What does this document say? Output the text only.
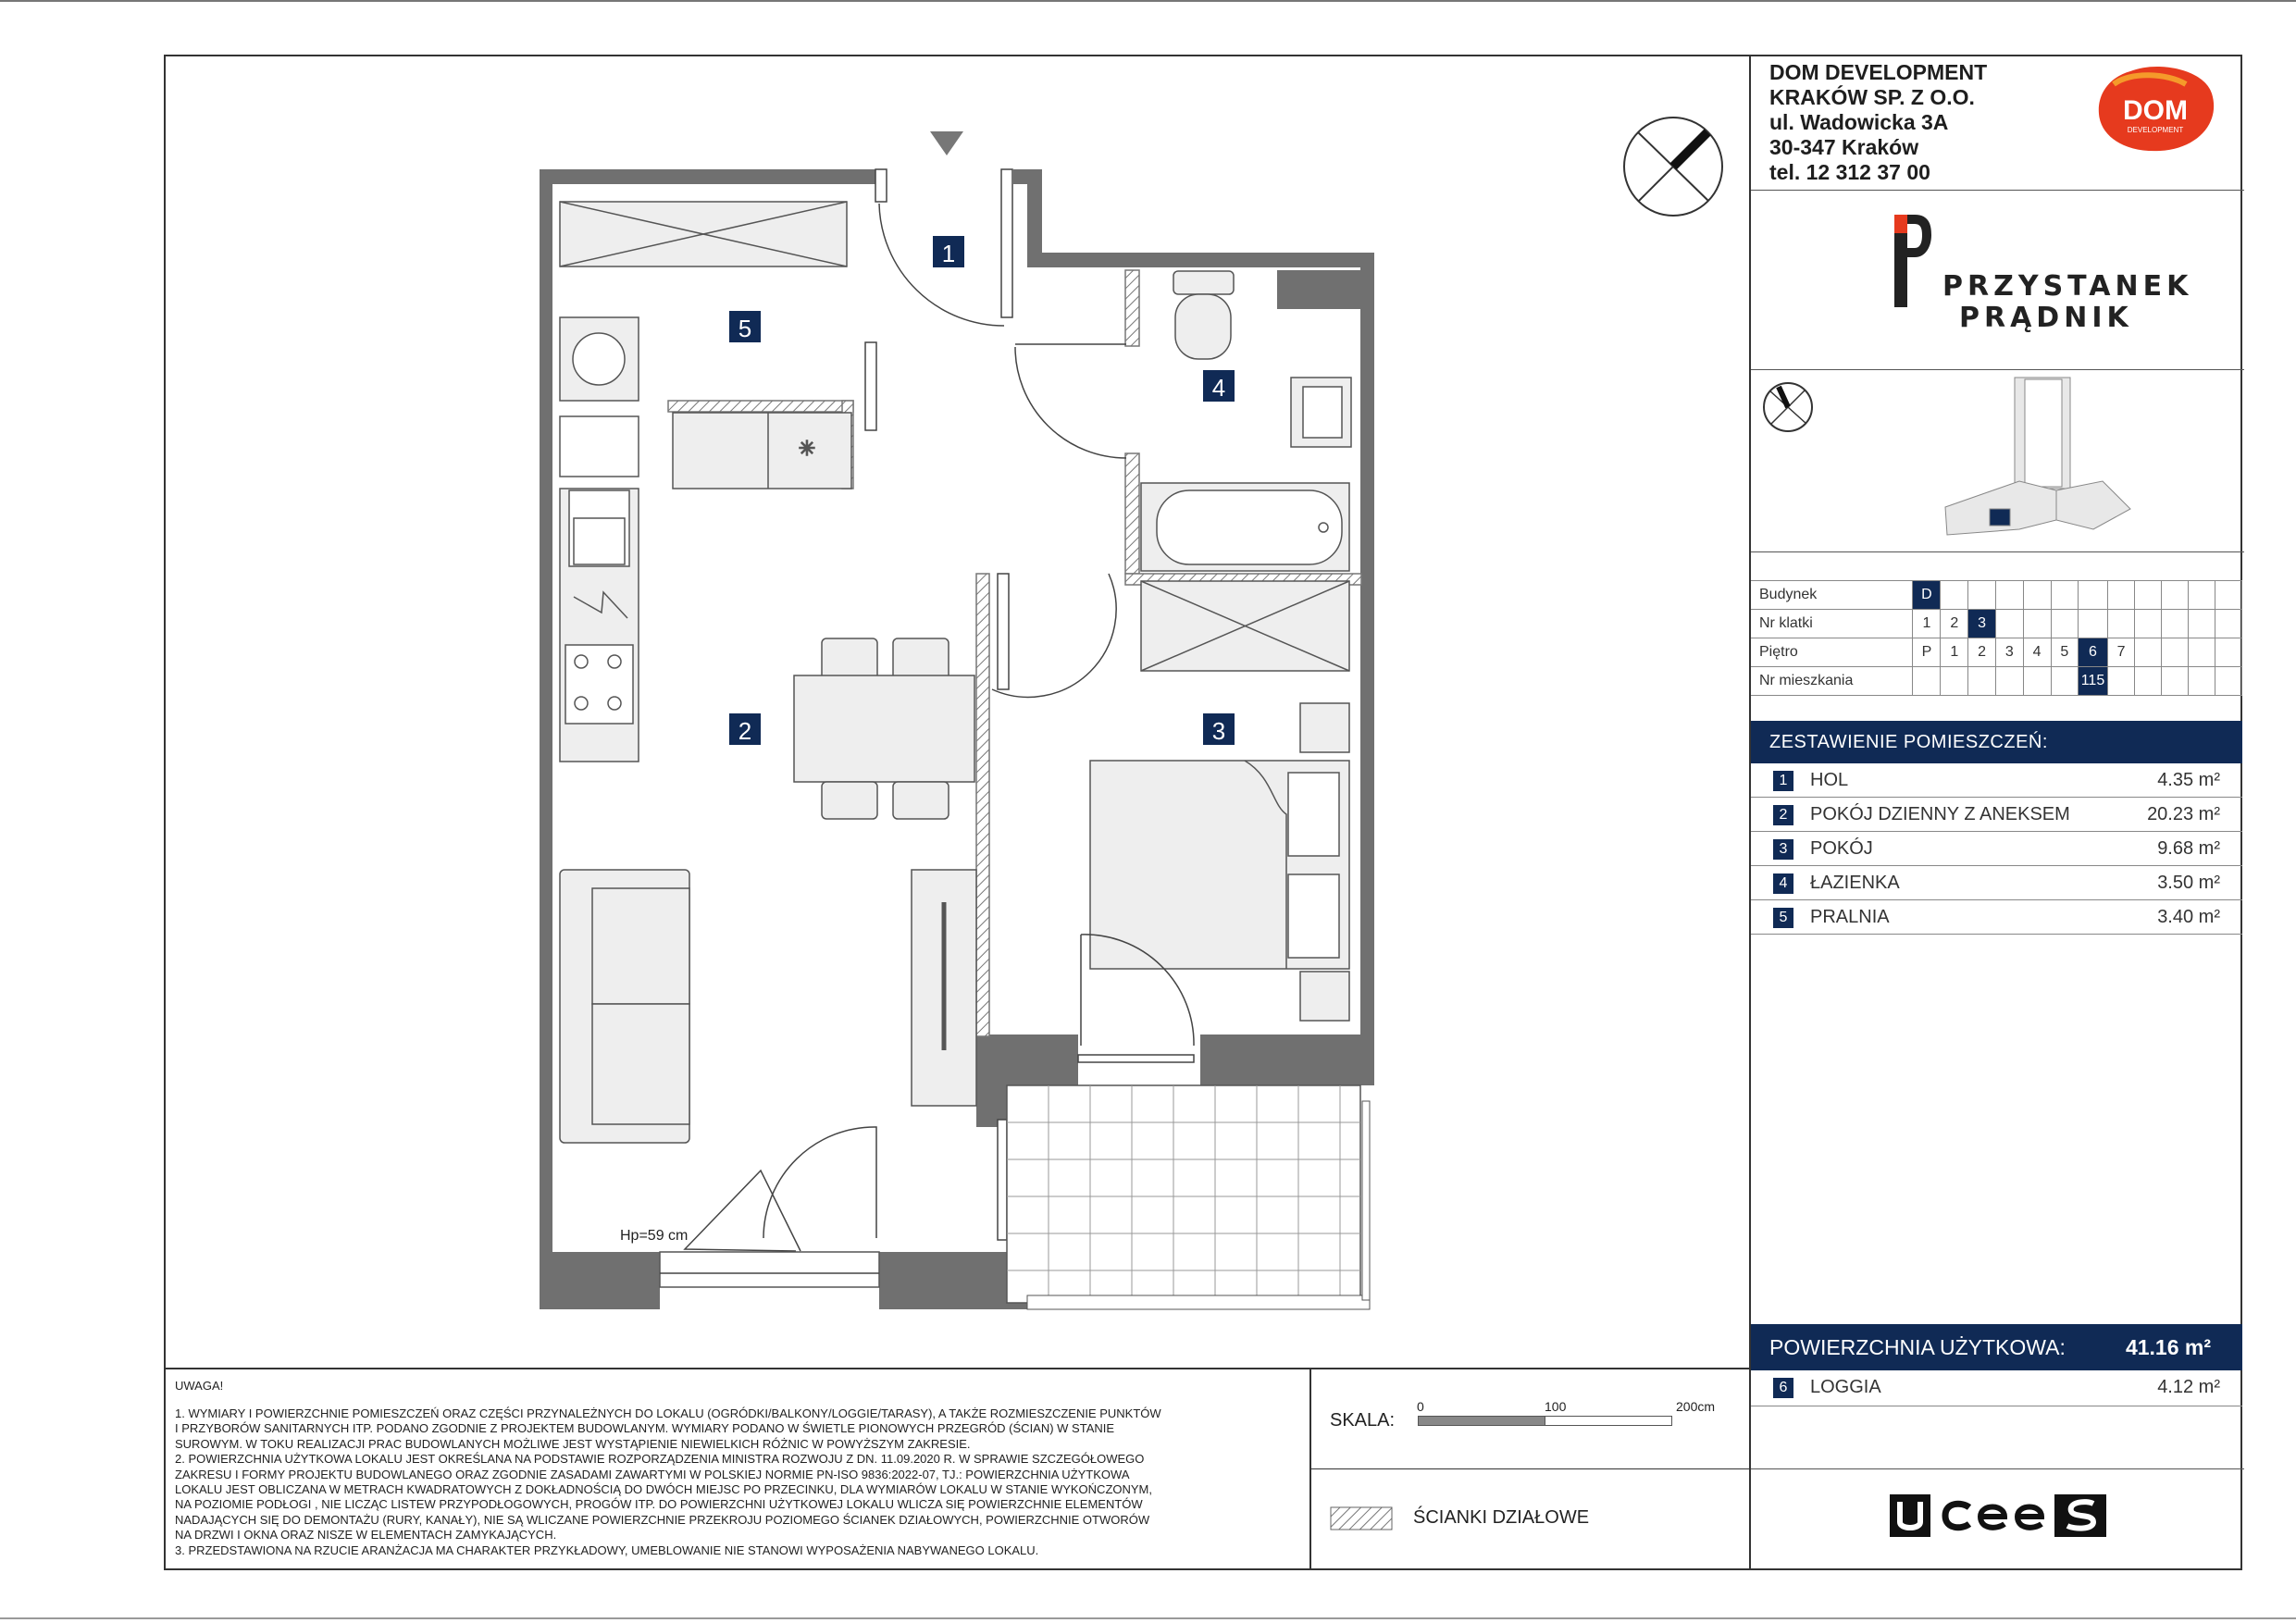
1
5
4
2	3
✳
Hp=59 cm
DOM DEVELOPMENT
KRAKÓW SP. Z O.O.
ul. Wadowicka 3A
30-347 Kraków
tel. 12 312 37 00
DOM
DEVELOPMENT
PRZYSTANEK
PRĄDNIK
Budynek	D											
Nr klatki	1	2	3									
Piętro	P	1	2	3	4	5	6	7				
Nr mieszkania							115					
ZESTAWIENIE POMIESZCZEŃ:
1	HOL	4.35 m²
2	POKÓJ DZIENNY Z ANEKSEM	20.23 m²
3	POKÓJ	9.68 m²
4	ŁAZIENKA	3.50 m²
5	PRALNIA	3.40 m²
POWIERZCHNIA UŻYTKOWA:	41.16 m²
6	LOGGIA	4.12 m²
UWAGA!
1. WYMIARY I POWIERZCHNIE POMIESZCZEŃ ORAZ CZĘŚCI PRZYNALEŻNYCH DO LOKALU (OGRÓDKI/BALKONY/LOGGIE/TARASY), A TAKŻE ROZMIESZCZENIE PUNKTÓW
I PRZYBORÓW SANITARNYCH ITP. PODANO ZGODNIE Z PROJEKTEM BUDOWLANYM. WYMIARY PODANO W ŚWIETLE PIONOWYCH PRZEGRÓD (ŚCIAN) W STANIE
SUROWYM. W TOKU REALIZACJI PRAC BUDOWLANYCH MOŻLIWE JEST WYSTĄPIENIE NIEWIELKICH RÓŻNIC W POWYŻSZYM ZAKRESIE.
2. POWIERZCHNIA UŻYTKOWA LOKALU JEST OKREŚLANA NA PODSTAWIE ROZPORZĄDZENIA MINISTRA ROZWOJU Z DN. 11.09.2020 R. W SPRAWIE SZCZEGÓŁOWEGO
ZAKRESU I FORMY PROJEKTU BUDOWLANEGO ORAZ ZGODNIE ZASADAMI ZAWARTYMI W POLSKIEJ NORMIE PN-ISO 9836:2022-07, TJ.: POWIERZCHNIA UŻYTKOWA
LOKALU JEST OBLICZANA W METRACH KWADRATOWYCH Z DOKŁADNOŚCIĄ DO DWÓCH MIEJSC PO PRZECINKU, DLA WYMIARÓW LOKALU W STANIE WYKOŃCZONYM,
NA POZIOMIE PODŁOGI , NIE LICZĄC LISTEW PRZYPODŁOGOWYCH, PROGÓW ITP. DO POWIERZCHNI UŻYTKOWEJ LOKALU WLICZA SIĘ POWIERZCHNIE ELEMENTÓW
NADAJĄCYCH SIĘ DO DEMONTAŻU (RURY, KANAŁY), NIE SĄ WLICZANE POWIERZCHNIE PRZEKROJU POZIOMEGO ŚCIANEK DZIAŁOWYCH, POWIERZCHNIE OTWORÓW
NA DRZWI I OKNA ORAZ NISZE W ELEMENTACH ZAMYKAJĄCYCH.
3. PRZEDSTAWIONA NA RZUCIE ARANŻACJA MA CHARAKTER PRZYKŁADOWY, UMEBLOWANIE NIE STANOWI WYPOSAŻENIA NABYWANEGO LOKALU.
SKALA:
0	100	200cm
ŚCIANKI DZIAŁOWE
